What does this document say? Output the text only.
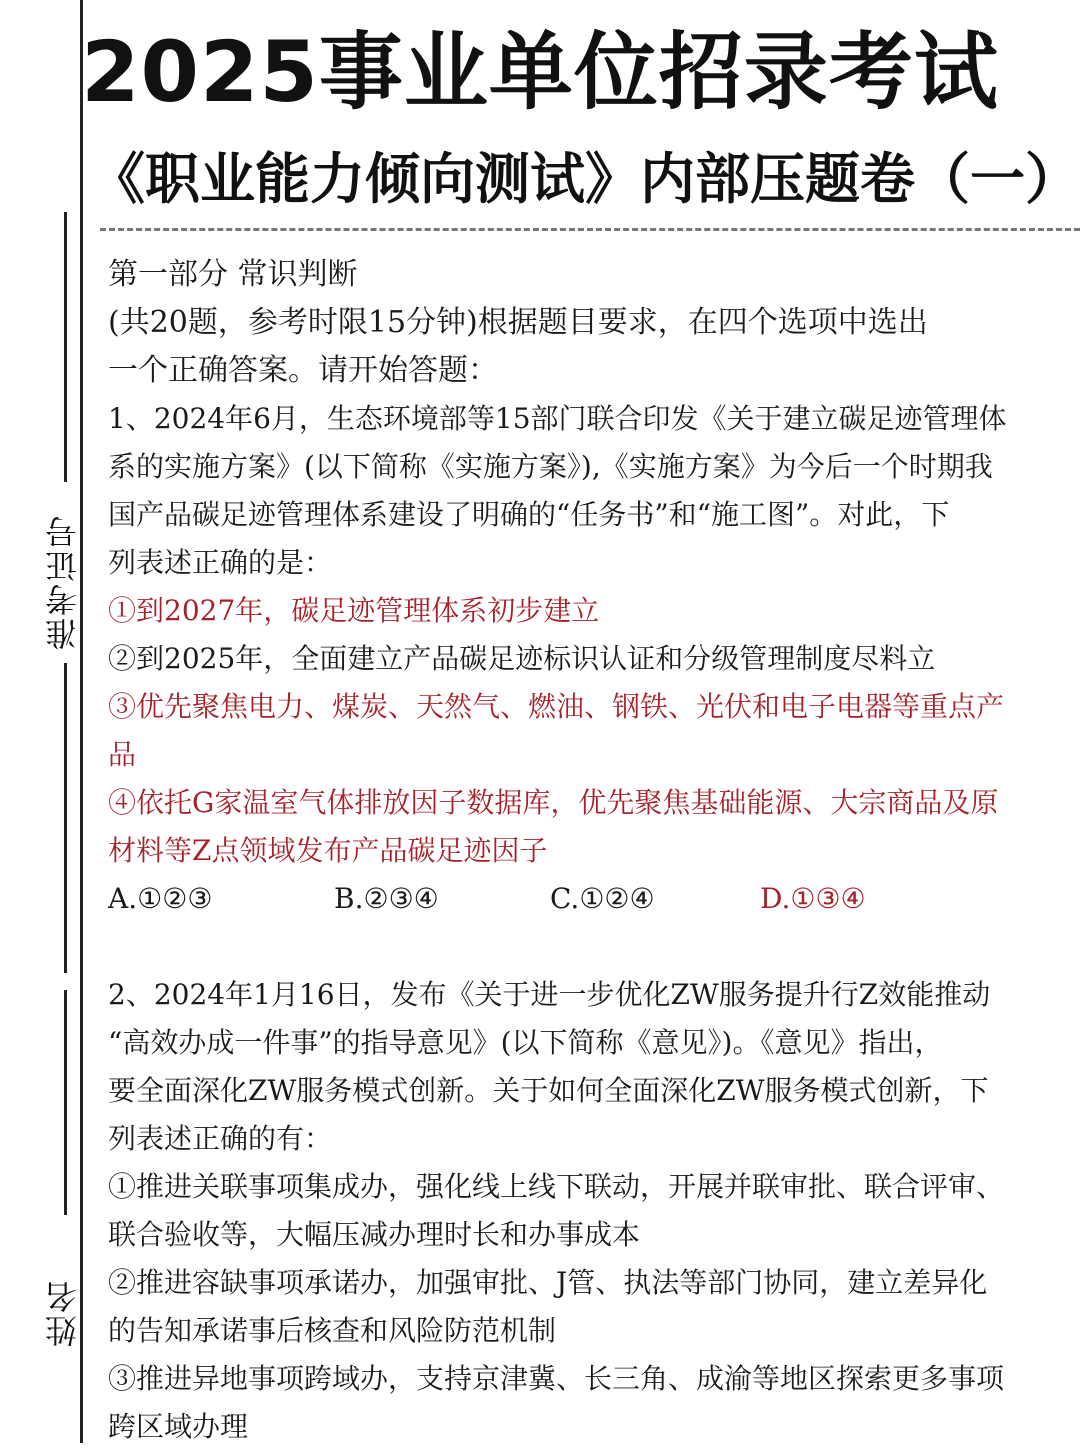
准考证号
姓名
2025事业单位招录考试
《职业能力倾向测试》内部压题卷（一）
第一部分 常识判断
(共20题，参考时限15分钟)根据题目要求，在四个选项中选出
一个正确答案。请开始答题：
1、2024年6月，生态环境部等15部门联合印发《关于建立碳足迹管理体
系的实施方案》(以下简称《实施方案》),《实施方案》为今后一个时期我
国产品碳足迹管理体系建设了明确的“任务书”和“施工图”。对此，下
列表述正确的是：
①到2027年，碳足迹管理体系初步建立
②到2025年，全面建立产品碳足迹标识认证和分级管理制度尽料立
③优先聚焦电力、煤炭、天然气、燃油、钢铁、光伏和电子电器等重点产
品
④依托G家温室气体排放因子数据库，优先聚焦基础能源、大宗商品及原
材料等Z点领域发布产品碳足迹因子
A.①②③	B.②③④	C.①②④	D.①③④
2、2024年1月16日，发布《关于进一步优化ZW服务提升行Z效能推动
“高效办成一件事”的指导意见》(以下简称《意见》)。《意见》指出，
要全面深化ZW服务模式创新。关于如何全面深化ZW服务模式创新，下
列表述正确的有：
①推进关联事项集成办，强化线上线下联动，开展并联审批、联合评审、
联合验收等，大幅压减办理时长和办事成本
②推进容缺事项承诺办，加强审批、J管、执法等部门协同，建立差异化
的告知承诺事后核查和风险防范机制
③推进异地事项跨域办，支持京津冀、长三角、成渝等地区探索更多事项
跨区域办理
